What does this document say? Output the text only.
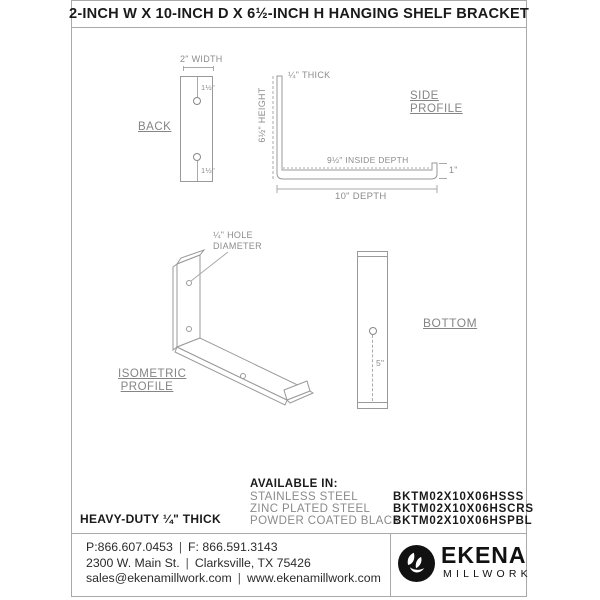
2-INCH W X 10-INCH D X 6½-INCH H HANGING SHELF BRACKET
BACK
2" WIDTH
1½"
1½"
¼" THICK
6½" HEIGHT	SIDE
PROFILE
9½" INSIDE DEPTH
1"
10" DEPTH
¼" HOLE
DIAMETER
ISOMETRIC
PROFILE
5"
BOTTOM
AVAILABLE IN:
STAINLESS STEEL
ZINC PLATED STEEL
POWDER COATED BLACK
BKTM02X10X06HSSS
BKTM02X10X06HSCRS
BKTM02X10X06HSPBL
HEAVY-DUTY ¼" THICK
P:866.607.0453 | F: 866.591.3143
2300 W. Main St. | Clarksville, TX 75426
sales@ekenamillwork.com | www.ekenamillwork.com
EKENA
MILLWORK
